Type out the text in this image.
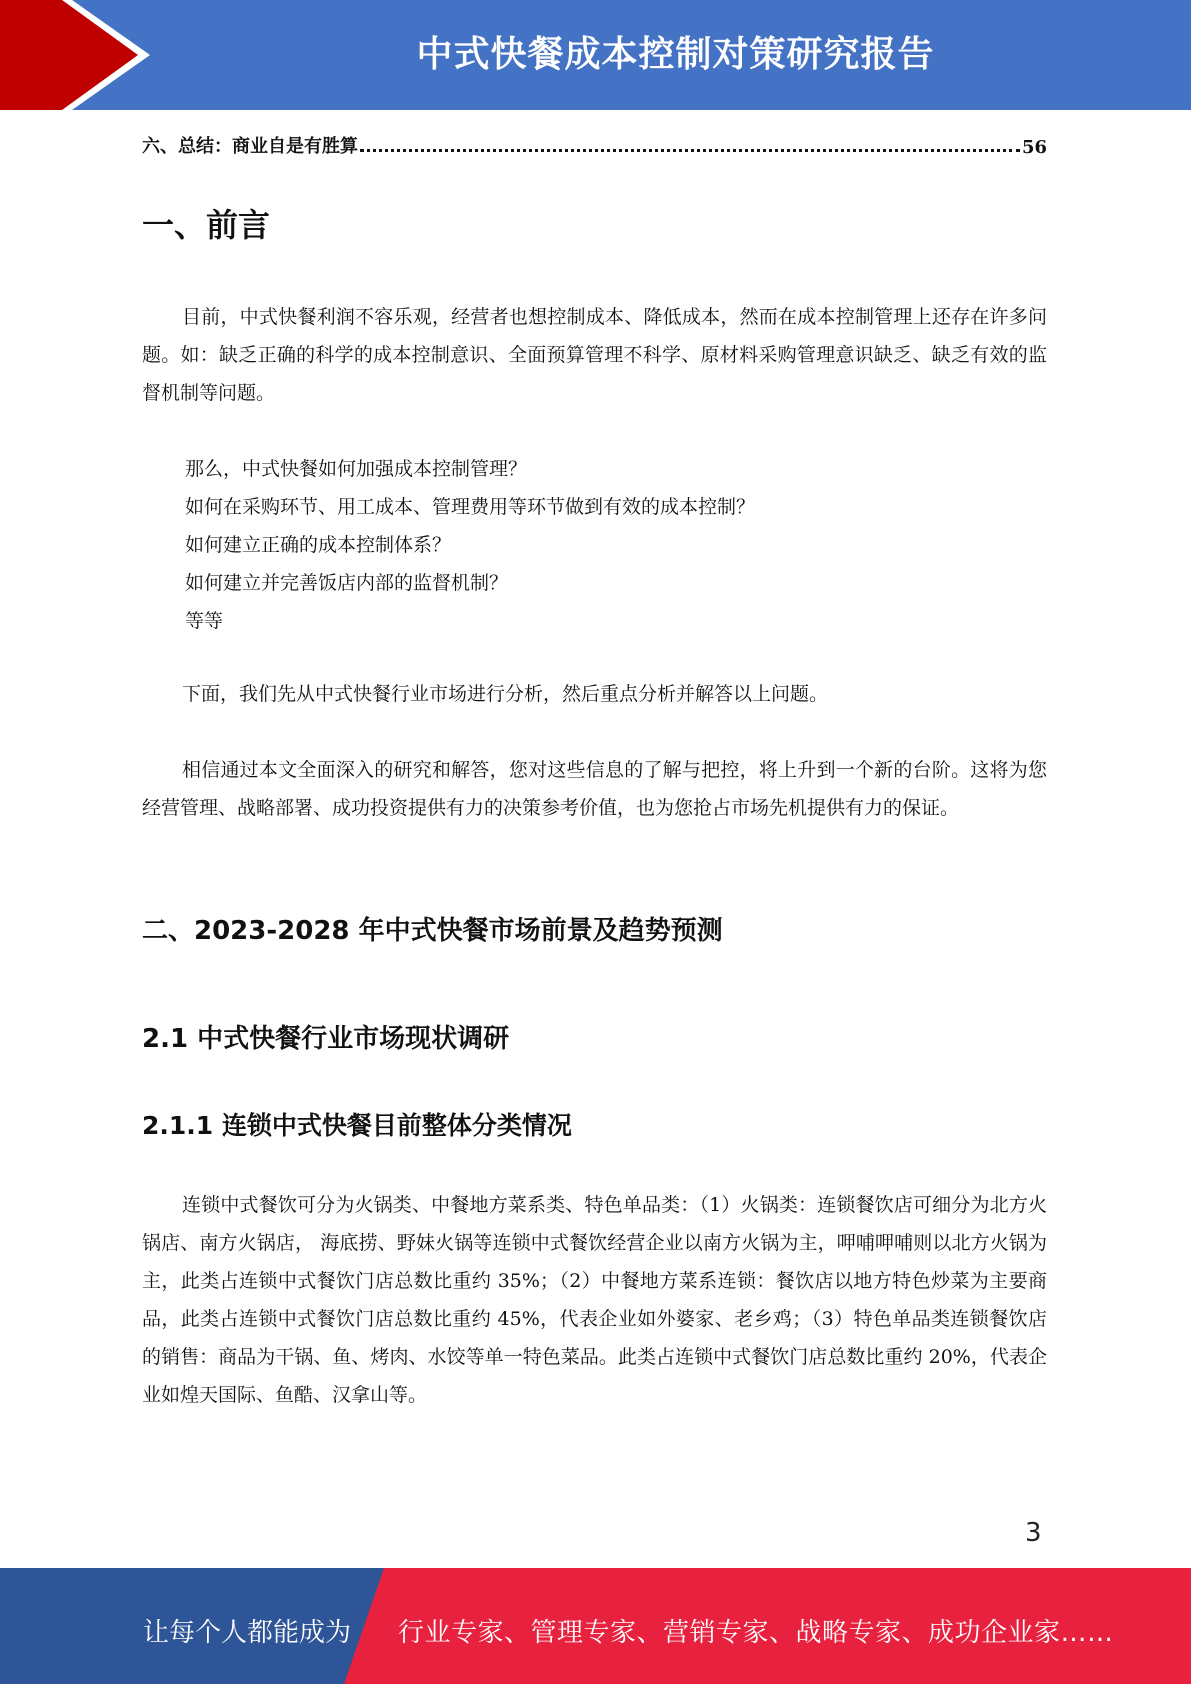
中式快餐成本控制对策研究报告
六、总结：商业自是有胜算	56
一、前言

目前，中式快餐利润不容乐观，经营者也想控制成本、降低成本，然而在成本控制管理上还存在许多问题。如：缺乏正确的科学的成本控制意识、全面预算管理不科学、原材料采购管理意识缺乏、缺乏有效的监督机制等问题。

那么，中式快餐如何加强成本控制管理？
如何在采购环节、用工成本、管理费用等环节做到有效的成本控制？
如何建立正确的成本控制体系？
如何建立并完善饭店内部的监督机制？
等等

下面，我们先从中式快餐行业市场进行分析，然后重点分析并解答以上问题。

相信通过本文全面深入的研究和解答，您对这些信息的了解与把控，将上升到一个新的台阶。这将为您经营管理、战略部署、成功投资提供有力的决策参考价值，也为您抢占市场先机提供有力的保证。

二、2023-2028 年中式快餐市场前景及趋势预测
2.1 中式快餐行业市场现状调研
2.1.1 连锁中式快餐目前整体分类情况

连锁中式餐饮可分为火锅类、中餐地方菜系类、特色单品类：（1）火锅类：连锁餐饮店可细分为北方火锅店、南方火锅店， 海底捞、野妹火锅等连锁中式餐饮经营企业以南方火锅为主，呷哺呷哺则以北方火锅为主，此类占连锁中式餐饮门店总数比重约 35%；（2）中餐地方菜系连锁：餐饮店以地方特色炒菜为主要商品，此类占连锁中式餐饮门店总数比重约 45%，代表企业如外婆家、老乡鸡；（3）特色单品类连锁餐饮店的销售：商品为干锅、鱼、烤肉、水饺等单一特色菜品。此类占连锁中式餐饮门店总数比重约 20%，代表企业如煌天国际、鱼酷、汉拿山等。

3
让每个人都能成为 行业专家、管理专家、营销专家、战略专家、成功企业家……
